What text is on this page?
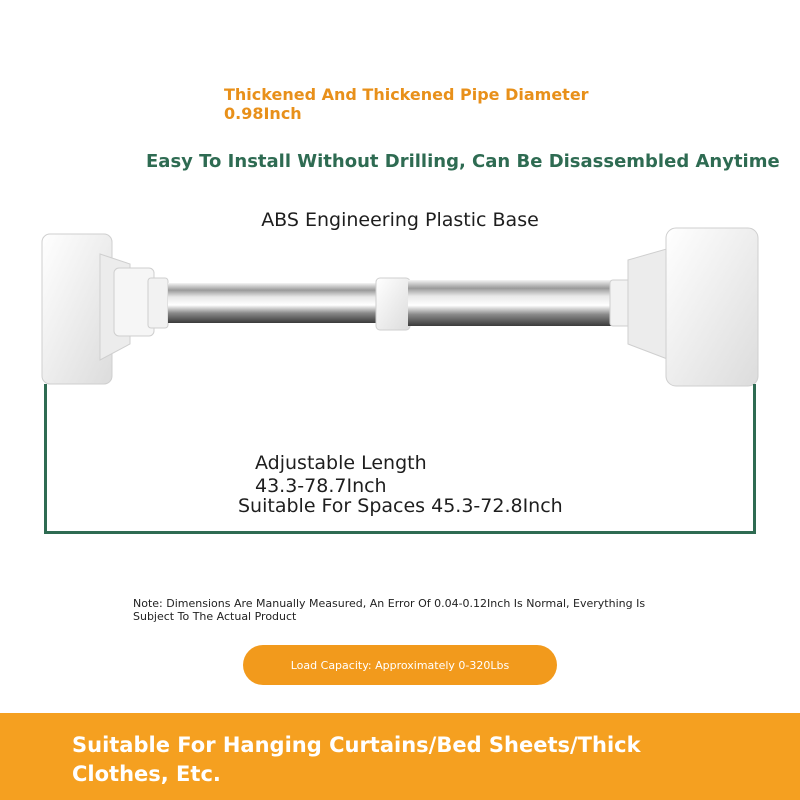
Thickened And Thickened Pipe Diameter
0.98Inch
Easy To Install Without Drilling, Can Be Disassembled Anytime
ABS Engineering Plastic Base
Adjustable Length
43.3-78.7Inch
Suitable For Spaces 45.3-72.8Inch
Note: Dimensions Are Manually Measured, An Error Of 0.04-0.12Inch Is Normal, Everything Is Subject To The Actual Product
Load Capacity: Approximately 0-320Lbs
Suitable For Hanging Curtains/Bed Sheets/Thick Clothes, Etc.
